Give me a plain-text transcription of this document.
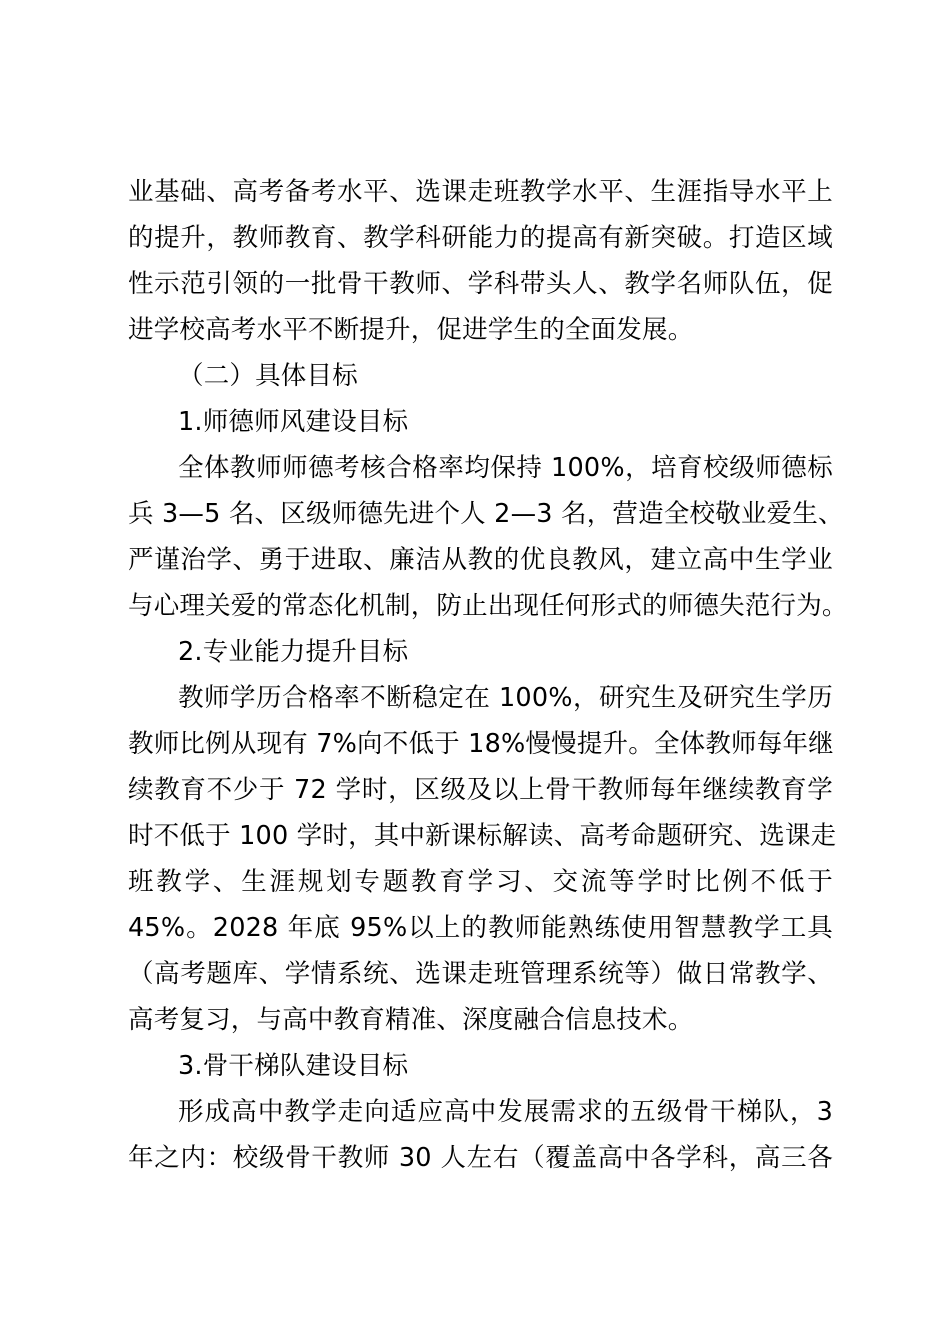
业基础、高考备考水平、选课走班教学水平、生涯指导水平上
的提升，教师教育、教学科研能力的提高有新突破。打造区域
性示范引领的一批骨干教师、学科带头人、教学名师队伍，促
进学校高考水平不断提升，促进学生的全面发展。
（二）具体目标
1.师德师风建设目标
全体教师师德考核合格率均保持 100%，培育校级师德标
兵 3—5 名、区级师德先进个人 2—3 名，营造全校敬业爱生、
严谨治学、勇于进取、廉洁从教的优良教风，建立高中生学业
与心理关爱的常态化机制，防止出现任何形式的师德失范行为。
2.专业能力提升目标
教师学历合格率不断稳定在 100%，研究生及研究生学历
教师比例从现有 7%向不低于 18%慢慢提升。全体教师每年继
续教育不少于 72 学时，区级及以上骨干教师每年继续教育学
时不低于 100 学时，其中新课标解读、高考命题研究、选课走
班教学、生涯规划专题教育学习、交流等学时比例不低于
45%。2028 年底 95%以上的教师能熟练使用智慧教学工具
（高考题库、学情系统、选课走班管理系统等）做日常教学、
高考复习，与高中教育精准、深度融合信息技术。
3.骨干梯队建设目标
形成高中教学走向适应高中发展需求的五级骨干梯队，3
年之内：校级骨干教师 30 人左右（覆盖高中各学科，高三各
